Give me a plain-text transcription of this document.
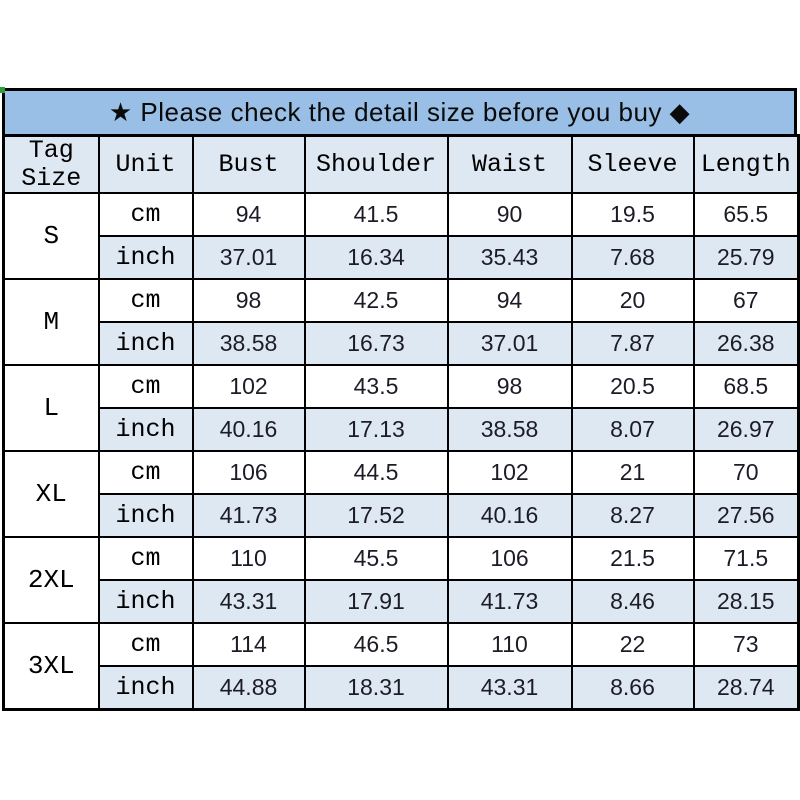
★ Please check the detail size before you buy ◆
Tag Size	Unit	Bust	Shoulder	Waist	Sleeve	Length
S	cm	94	41.5	90	19.5	65.5
	inch	37.01	16.34	35.43	7.68	25.79
M	cm	98	42.5	94	20	67
	inch	38.58	16.73	37.01	7.87	26.38
L	cm	102	43.5	98	20.5	68.5
	inch	40.16	17.13	38.58	8.07	26.97
XL	cm	106	44.5	102	21	70
	inch	41.73	17.52	40.16	8.27	27.56
2XL	cm	110	45.5	106	21.5	71.5
	inch	43.31	17.91	41.73	8.46	28.15
3XL	cm	114	46.5	110	22	73
	inch	44.88	18.31	43.31	8.66	28.74
